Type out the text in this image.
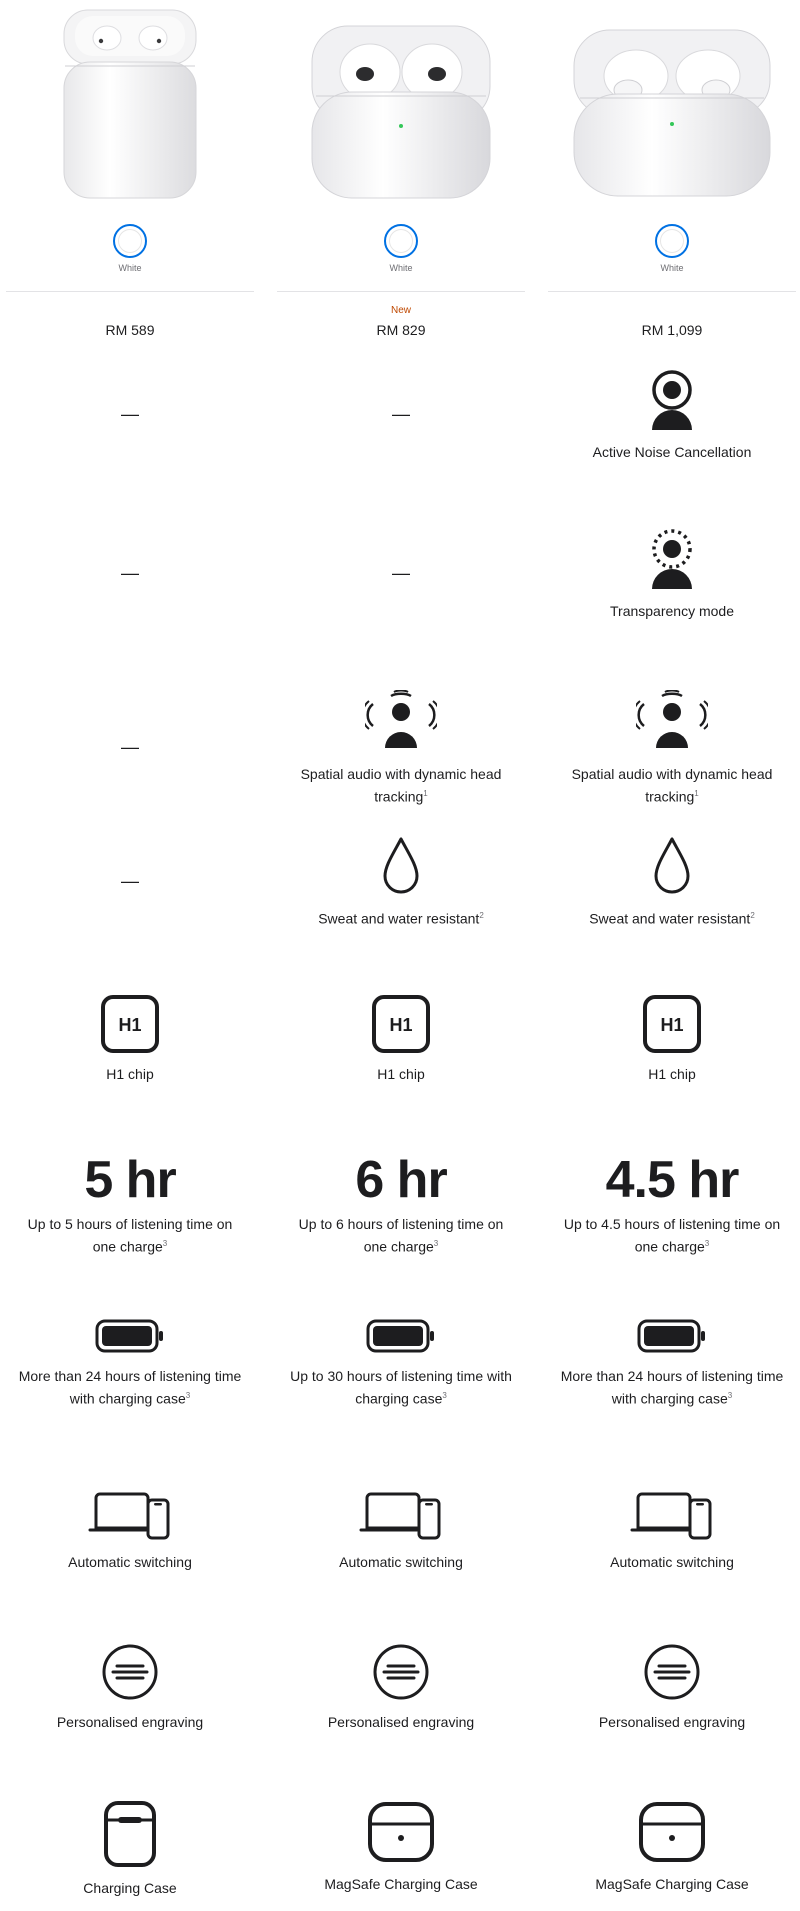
White
RM 589
—
—
—
—
H1
H1 chip
5 hr
Up to 5 hours of listening time on one charge$^3$
More than 24 hours of listening time with charging case$^3$
Automatic switching
Personalised engraving
Charging Case
White
New
RM 829
—
—
Spatial audio with dynamic head tracking$^1$
Sweat and water resistant$^2$
H1
H1 chip
6 hr
Up to 6 hours of listening time on one charge$^3$
Up to 30 hours of listening time with charging case$^3$
Automatic switching
Personalised engraving
MagSafe Charging Case
White
RM 1,099
Active Noise Cancellation
Transparency mode
Spatial audio with dynamic head tracking$^1$
Sweat and water resistant$^2$
H1
H1 chip
4.5 hr
Up to 4.5 hours of listening time on one charge$^3$
More than 24 hours of listening time with charging case$^3$
Automatic switching
Personalised engraving
MagSafe Charging Case
